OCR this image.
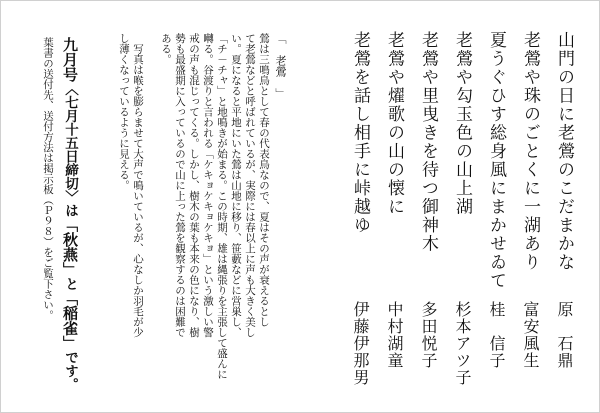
山門の日に老鶯のこだまかな

原　石鼎

老鶯や珠のごとくに一湖あり

富安風生

夏うぐひす総身風にまかせゐて

桂　信子

老鶯や勾玉色の山上湖

杉本アツ子

老鶯や里曳きを待つ御神木

多田悦子

老鶯や燿歌の山の懐に

中村湖童

老鶯を話し相手に峠越ゆ

伊藤伊那男

「　老鶯　」

鶯は三鳴鳥として春の代表鳥なので、夏はその声が衰えるとし

て老鶯などと呼ばれているが、実際には春以上に声も大きく美し

い。夏になると平地にいた鶯は山地に移り、笹藪などに営巣し、

「チ－チャ」と地鳴きが始まる。この時期、雄は縄張りを主張して盛んに

囀る。谷渡りと言われる「ケキョケキョケキョ」という激しい警

戒の声も混じってくる。しかし、樹木の葉も本来の色になり、樹

勢も最盛期に入っているので山に上った鶯を観察するのは困難で

ある。

　写真は喉を膨らませて大声で鳴いているが、心なしか羽毛が少

し薄くなっているように見える。

九月号〈七月十五日締切〉は「秋燕」と「稲雀」です。

葉書の送付先、送付方法は掲示板（Ｐ９８）をご覧下さい。
